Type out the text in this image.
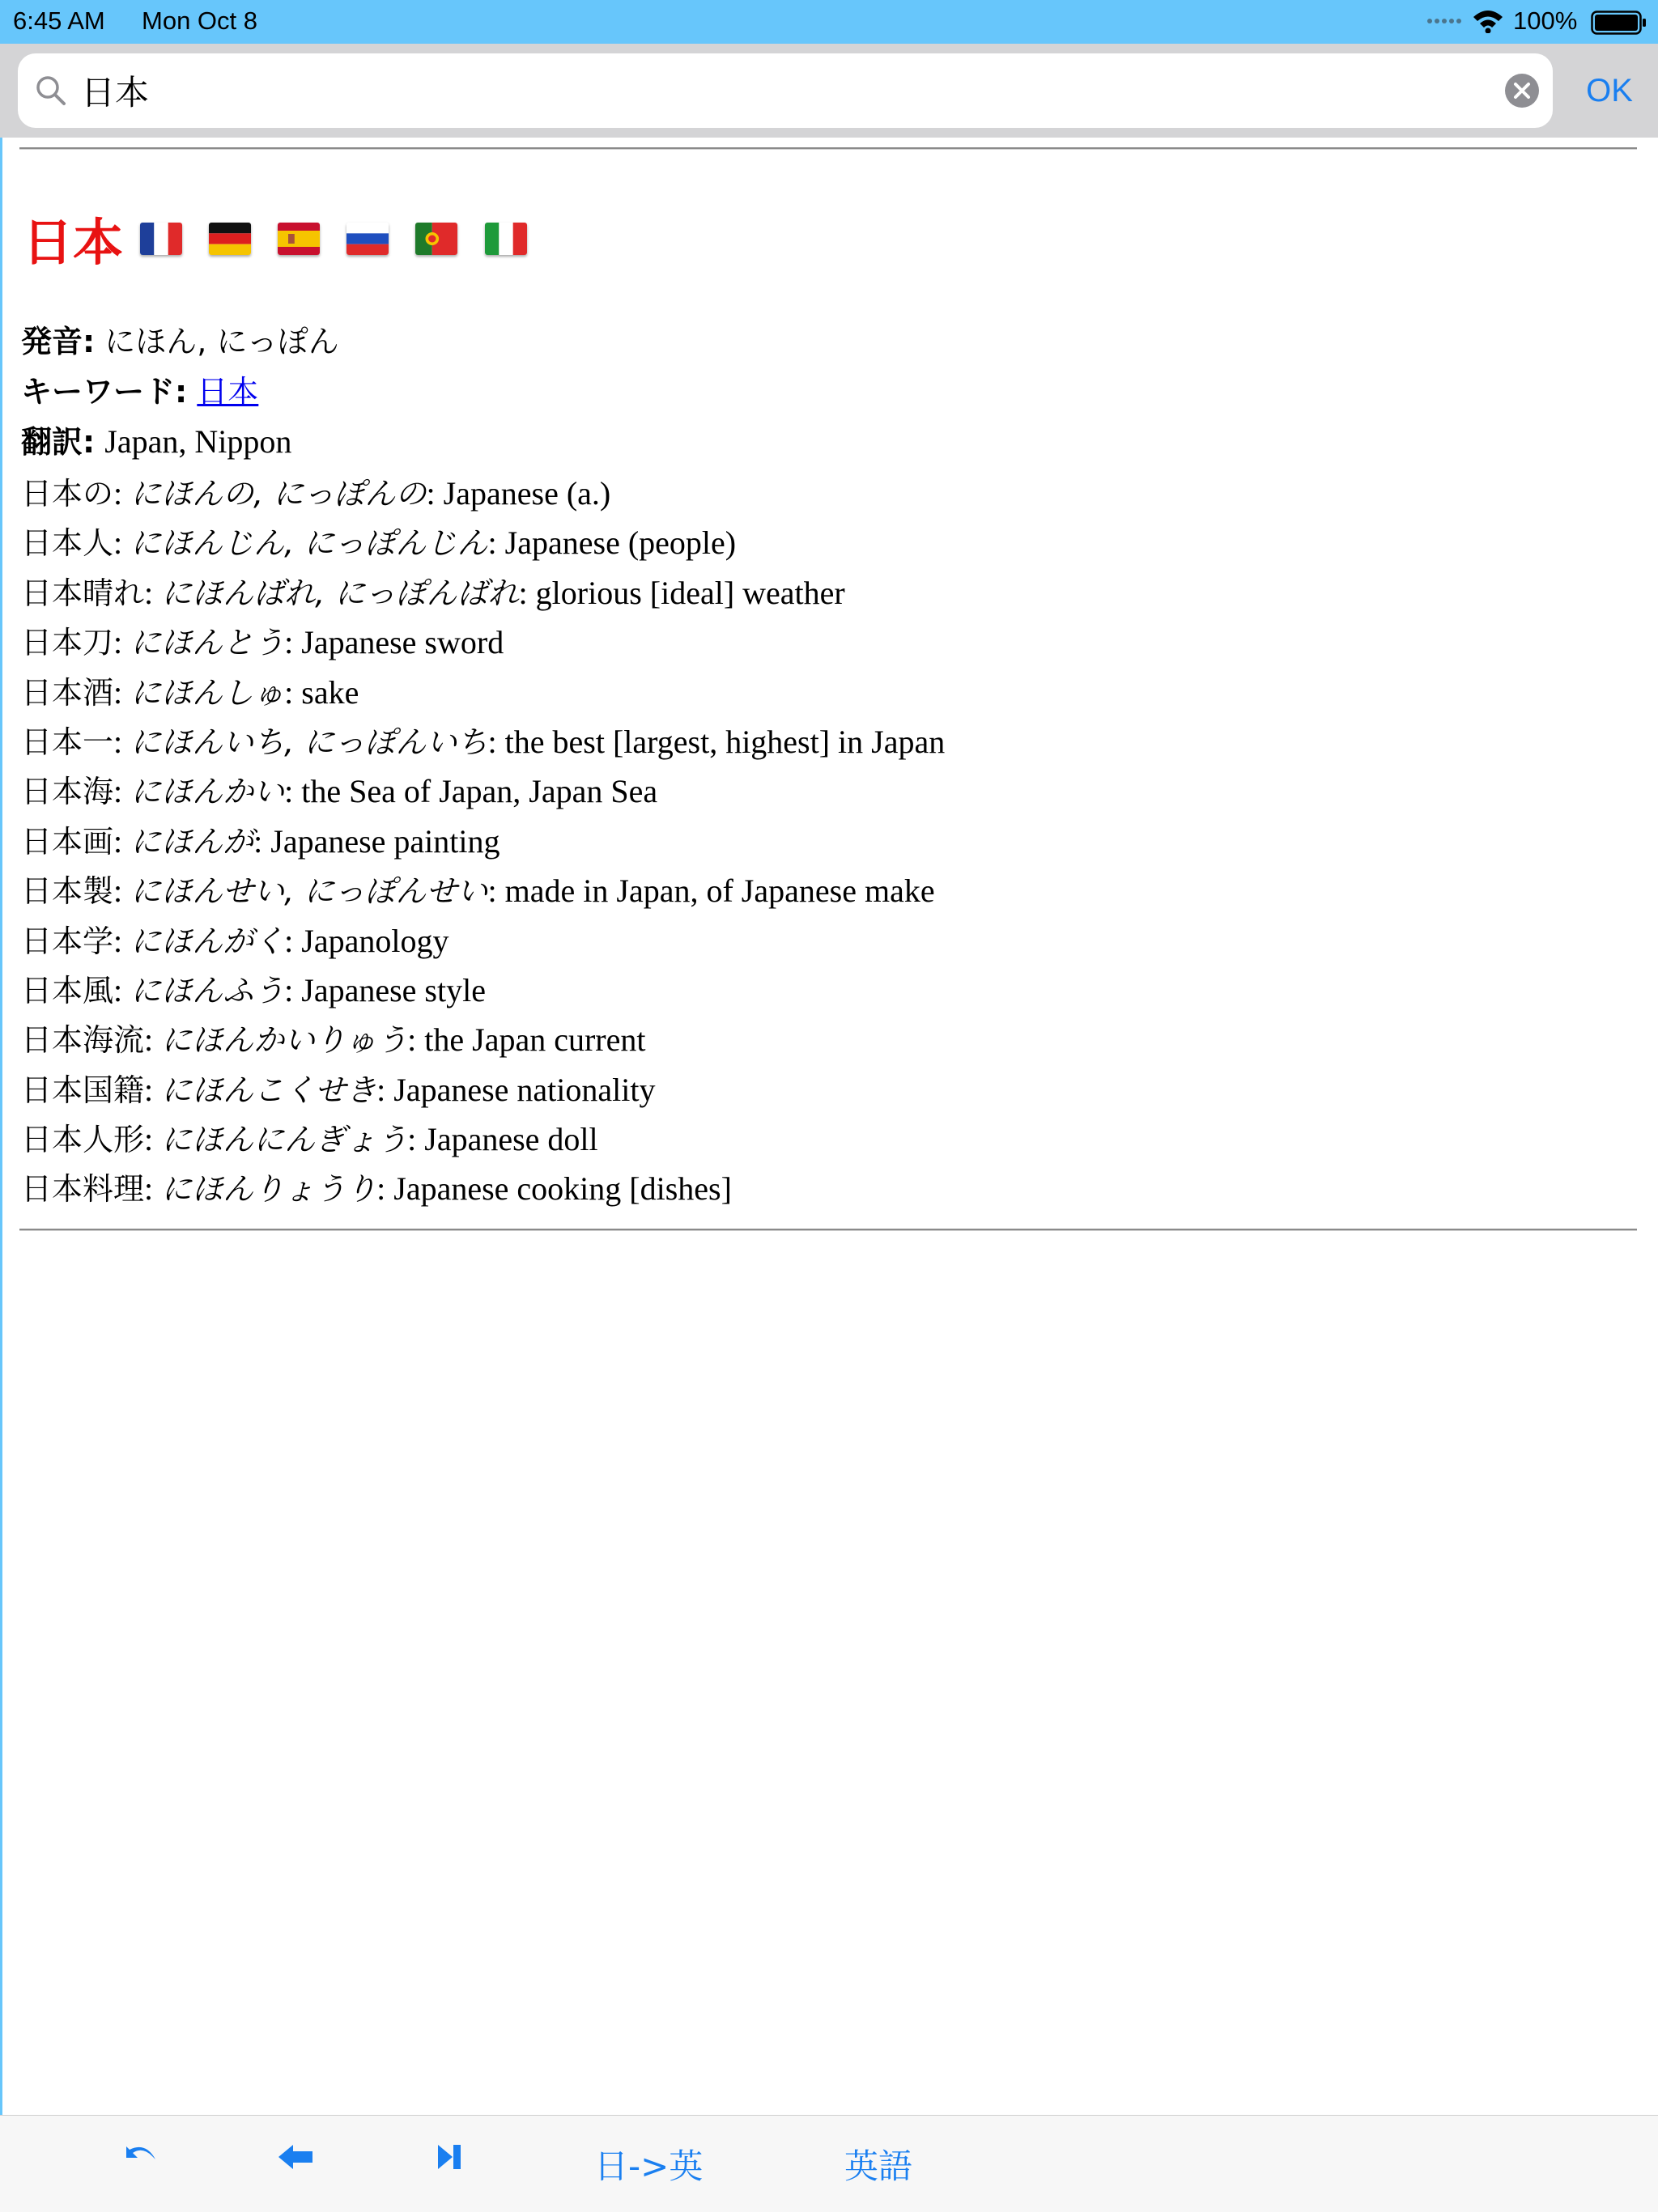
6:45 AM Mon Oct 8	100%
日本
OK
日本

発音: にほん, にっぽん
キーワード: 日本
翻訳: Japan, Nippon
日本の: にほんの, にっぽんの: Japanese (a.)
日本人: にほんじん, にっぽんじん: Japanese (people)
日本晴れ: にほんばれ, にっぽんばれ: glorious [ideal] weather
日本刀: にほんとう: Japanese sword
日本酒: にほんしゅ: sake
日本一: にほんいち, にっぽんいち: the best [largest, highest] in Japan
日本海: にほんかい: the Sea of Japan, Japan Sea
日本画: にほんが: Japanese painting
日本製: にほんせい, にっぽんせい: made in Japan, of Japanese make
日本学: にほんがく: Japanology
日本風: にほんふう: Japanese style
日本海流: にほんかいりゅう: the Japan current
日本国籍: にほんこくせき: Japanese nationality
日本人形: にほんにんぎょう: Japanese doll
日本料理: にほんりょうり: Japanese cooking [dishes]
日->英	英語
